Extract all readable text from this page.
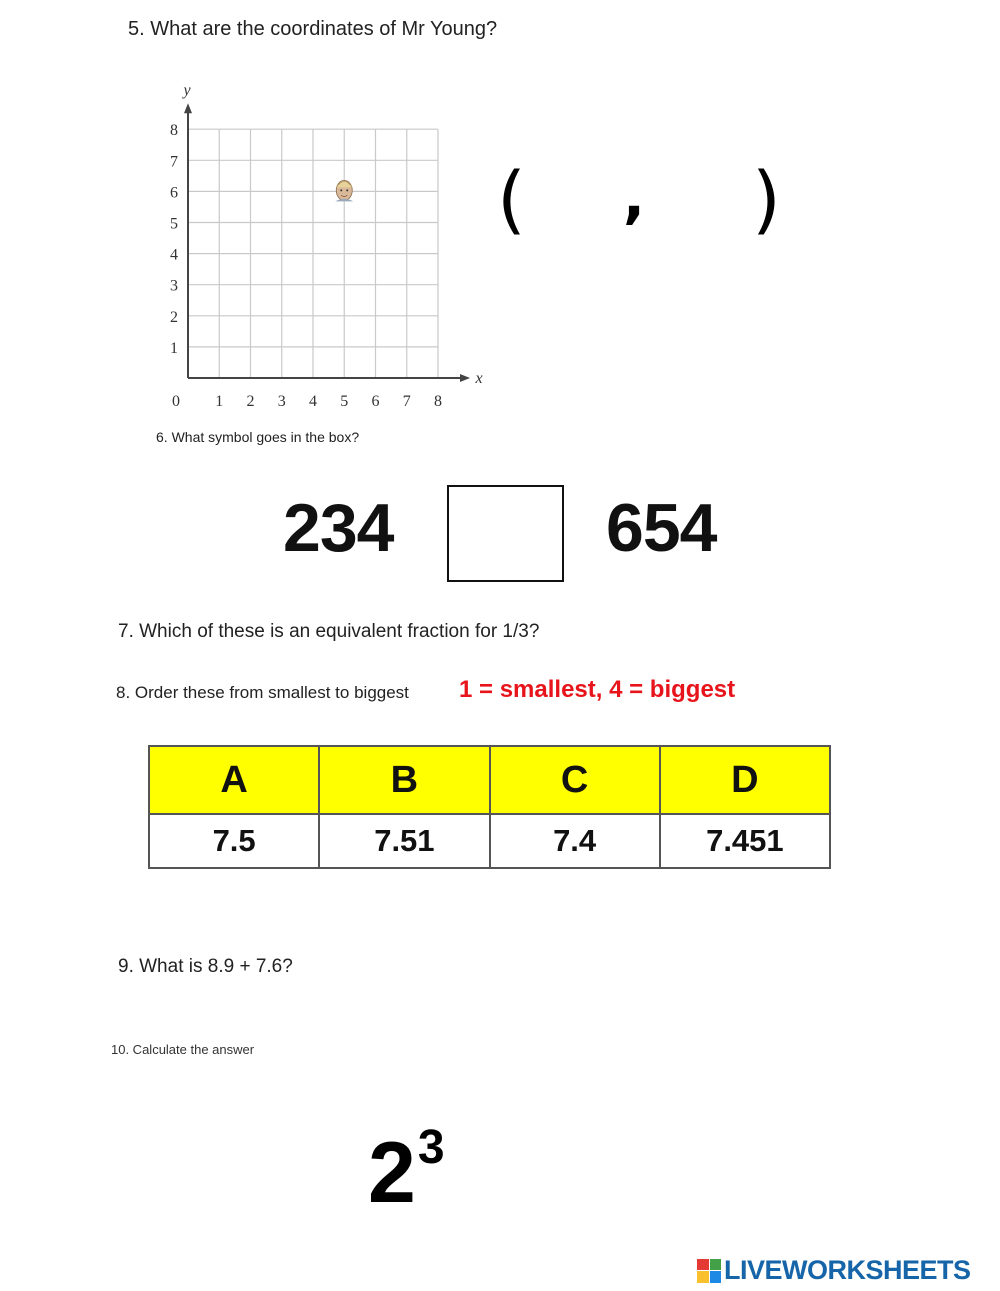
5. What are the coordinates of Mr Young?
0 1 2 3 4 5 6 7 8
1
2
3
4
5
6
7
8
x
y
( , )
6. What symbol goes in the box?
234	654
7. Which of these is an equivalent fraction for 1/3?
8. Order these from smallest to biggest 1 = smallest, 4 = biggest
A	B	C	D
7.5	7.51	7.4	7.451
9. What is 8.9 + 7.6?
10. Calculate the answer
$2^3$
LIVEWORKSHEETS
